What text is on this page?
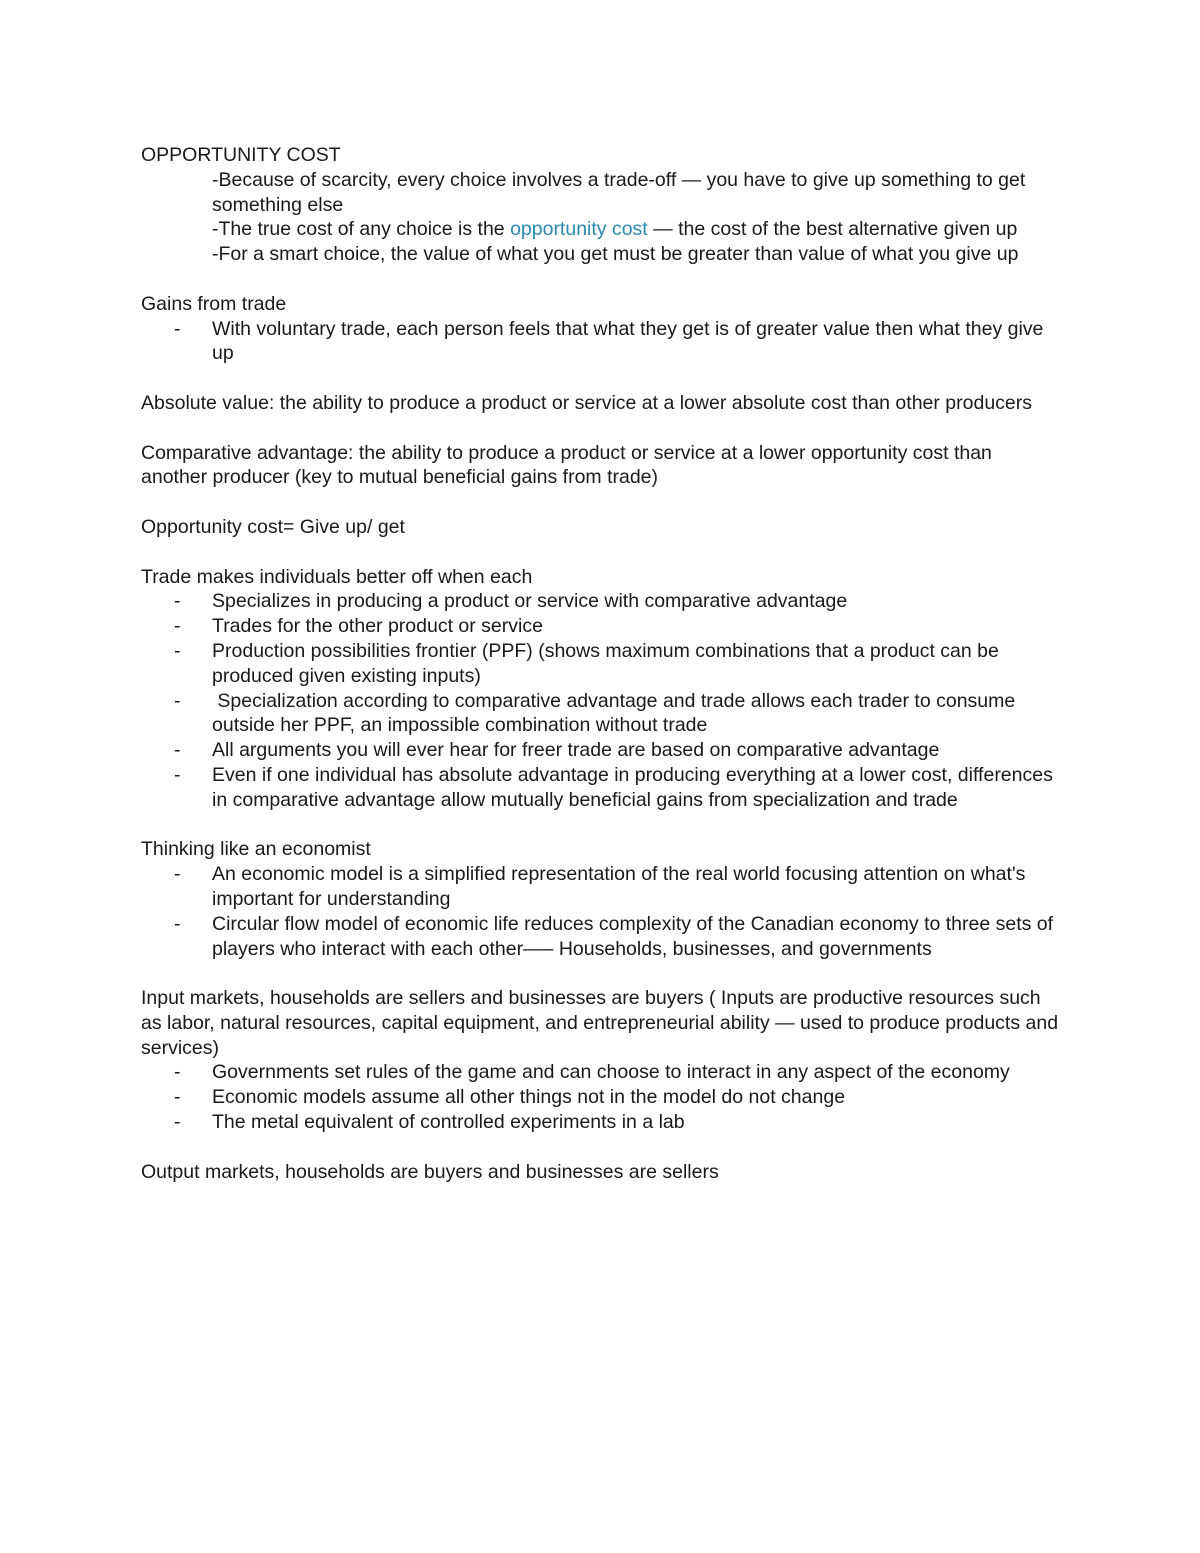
OPPORTUNITY COST
-Because of scarcity, every choice involves a trade-off — you have to give up something to get something else
-The true cost of any choice is the opportunity cost — the cost of the best alternative given up
-For a smart choice, the value of what you get must be greater than value of what you give up
Gains from trade
- With voluntary trade, each person feels that what they get is of greater value then what they give up
Absolute value: the ability to produce a product or service at a lower absolute cost than other producers
Comparative advantage: the ability to produce a product or service at a lower opportunity cost than another producer (key to mutual beneficial gains from trade)
Opportunity cost= Give up/ get
Trade makes individuals better off when each
- Specializes in producing a product or service with comparative advantage
- Trades for the other product or service
- Production possibilities frontier (PPF) (shows maximum combinations that a product can be produced given existing inputs)
- Specialization according to comparative advantage and trade allows each trader to consume outside her PPF, an impossible combination without trade
- All arguments you will ever hear for freer trade are based on comparative advantage
- Even if one individual has absolute advantage in producing everything at a lower cost, differences in comparative advantage allow mutually beneficial gains from specialization and trade
Thinking like an economist
- An economic model is a simplified representation of the real world focusing attention on what's important for understanding
- Circular flow model of economic life reduces complexity of the Canadian economy to three sets of players who interact with each other—– Households, businesses, and governments
Input markets, households are sellers and businesses are buyers ( Inputs are productive resources such as labor, natural resources, capital equipment, and entrepreneurial ability — used to produce products and services)
- Governments set rules of the game and can choose to interact in any aspect of the economy
- Economic models assume all other things not in the model do not change
- The metal equivalent of controlled experiments in a lab
Output markets, households are buyers and businesses are sellers
